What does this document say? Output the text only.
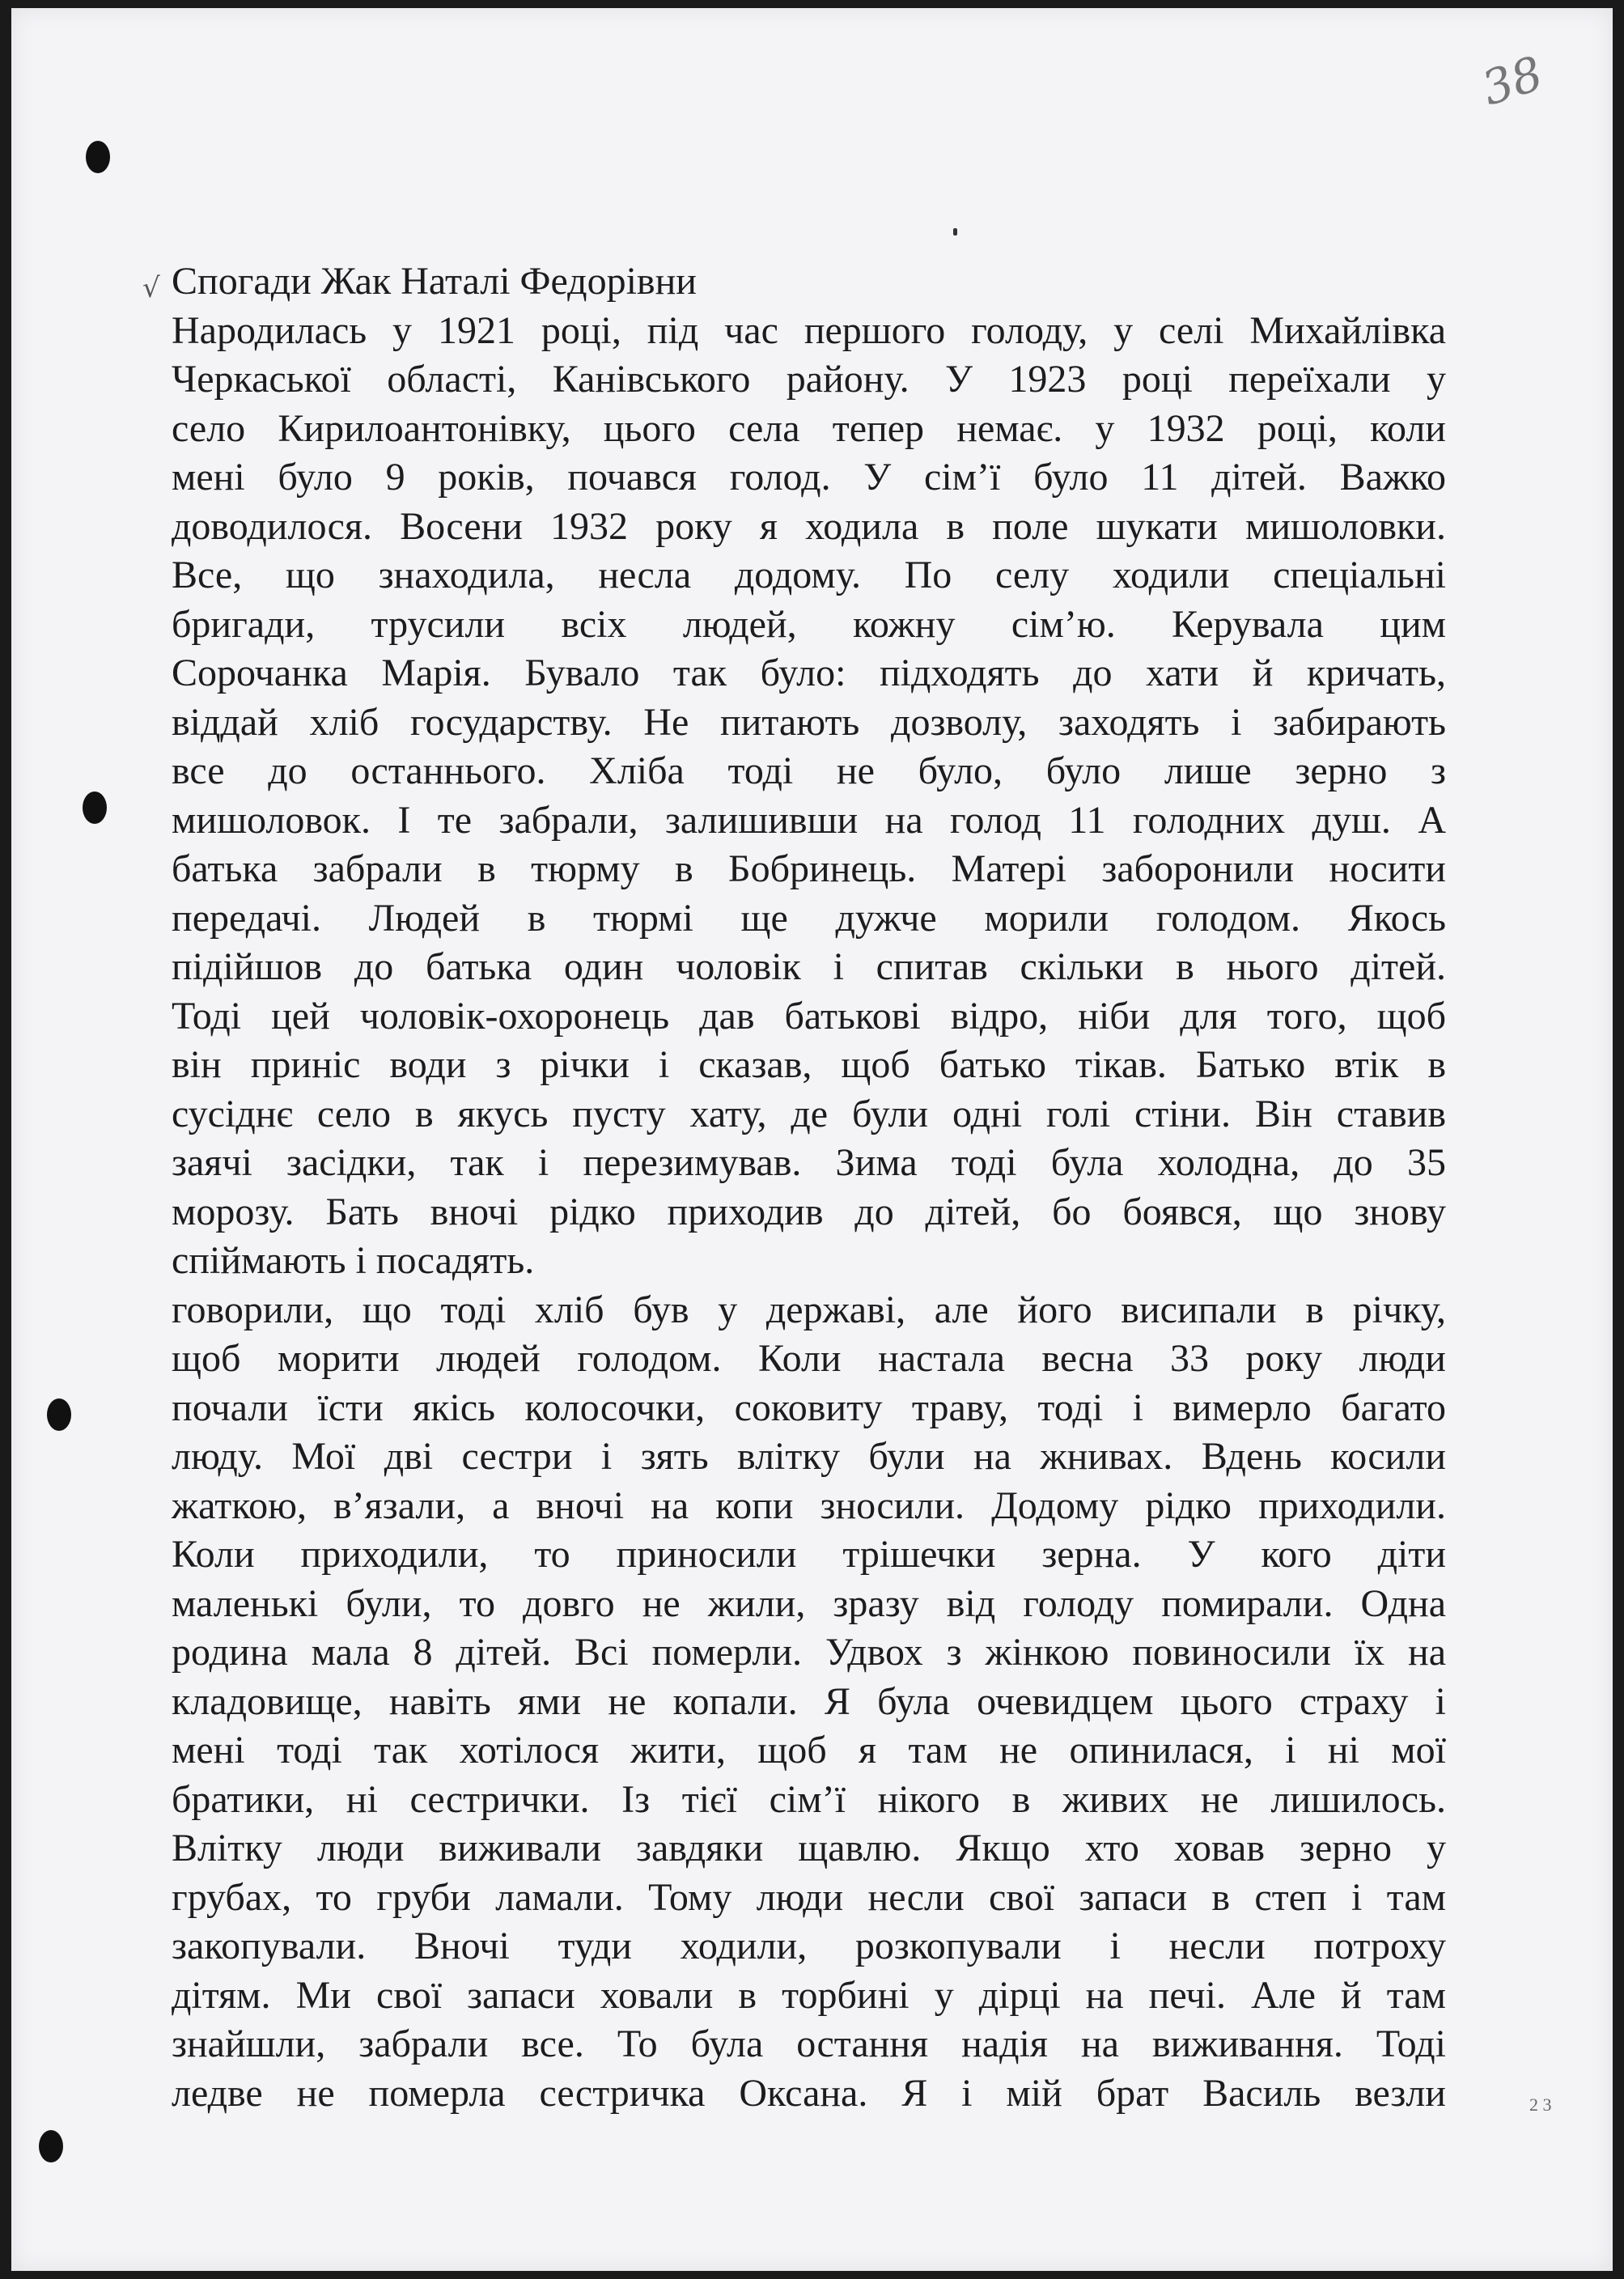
38
√ Спогади Жак Наталі Федорівни
Народилась у 1921 році, під час першого голоду, у селі Михайлівка
Черкаської області, Канівського району. У 1923 році переїхали у
село Кирилоантонівку, цього села тепер немає. у 1932 році, коли
мені було 9 років, почався голод. У сім’ї було 11 дітей. Важко
доводилося. Восени 1932 року я ходила в поле шукати мишоловки.
Все, що знаходила, несла додому. По селу ходили спеціальні
бригади, трусили всіх людей, кожну сім’ю. Керувала цим
Сорочанка Марія. Бувало так було: підходять до хати й кричать,
віддай хліб государству. Не питають дозволу, заходять і забирають
все до останнього. Хліба тоді не було, було лише зерно з
мишоловок. І те забрали, залишивши на голод 11 голодних душ. А
батька забрали в тюрму в Бобринець. Матері заборонили носити
передачі. Людей в тюрмі ще дужче морили голодом. Якось
підійшов до батька один чоловік і спитав скільки в нього дітей.
Тоді цей чоловік-охоронець дав батькові відро, ніби для того, щоб
він приніс води з річки і сказав, щоб батько тікав. Батько втік в
сусіднє село в якусь пусту хату, де були одні голі стіни. Він ставив
заячі засідки, так і перезимував. Зима тоді була холодна, до 35
морозу. Бать вночі рідко приходив до дітей, бо боявся, що знову
спіймають і посадять.
говорили, що тоді хліб був у державі, але його висипали в річку,
щоб морити людей голодом. Коли настала весна 33 року люди
почали їсти якісь колосочки, соковиту траву, тоді і вимерло багато
люду. Мої дві сестри і зять влітку були на жнивах. Вдень косили
жаткою, в’язали, а вночі на копи зносили. Додому рідко приходили.
Коли приходили, то приносили трішечки зерна. У кого діти
маленькі були, то довго не жили, зразу від голоду помирали. Одна
родина мала 8 дітей. Всі померли. Удвох з жінкою повиносили їх на
кладовище, навіть ями не копали. Я була очевидцем цього страху і
мені тоді так хотілося жити, щоб я там не опинилася, і ні мої
братики, ні сестрички. Із тієї сім’ї нікого в живих не лишилось.
Влітку люди виживали завдяки щавлю. Якщо хто ховав зерно у
грубах, то груби ламали. Тому люди несли свої запаси в степ і там
закопували. Вночі туди ходили, розкопували і несли потроху
дітям. Ми свої запаси ховали в торбині у дірці на печі. Але й там
знайшли, забрали все. То була остання надія на виживання. Тоді
ледве не померла сестричка Оксана. Я і мій брат Василь везли	2 3
